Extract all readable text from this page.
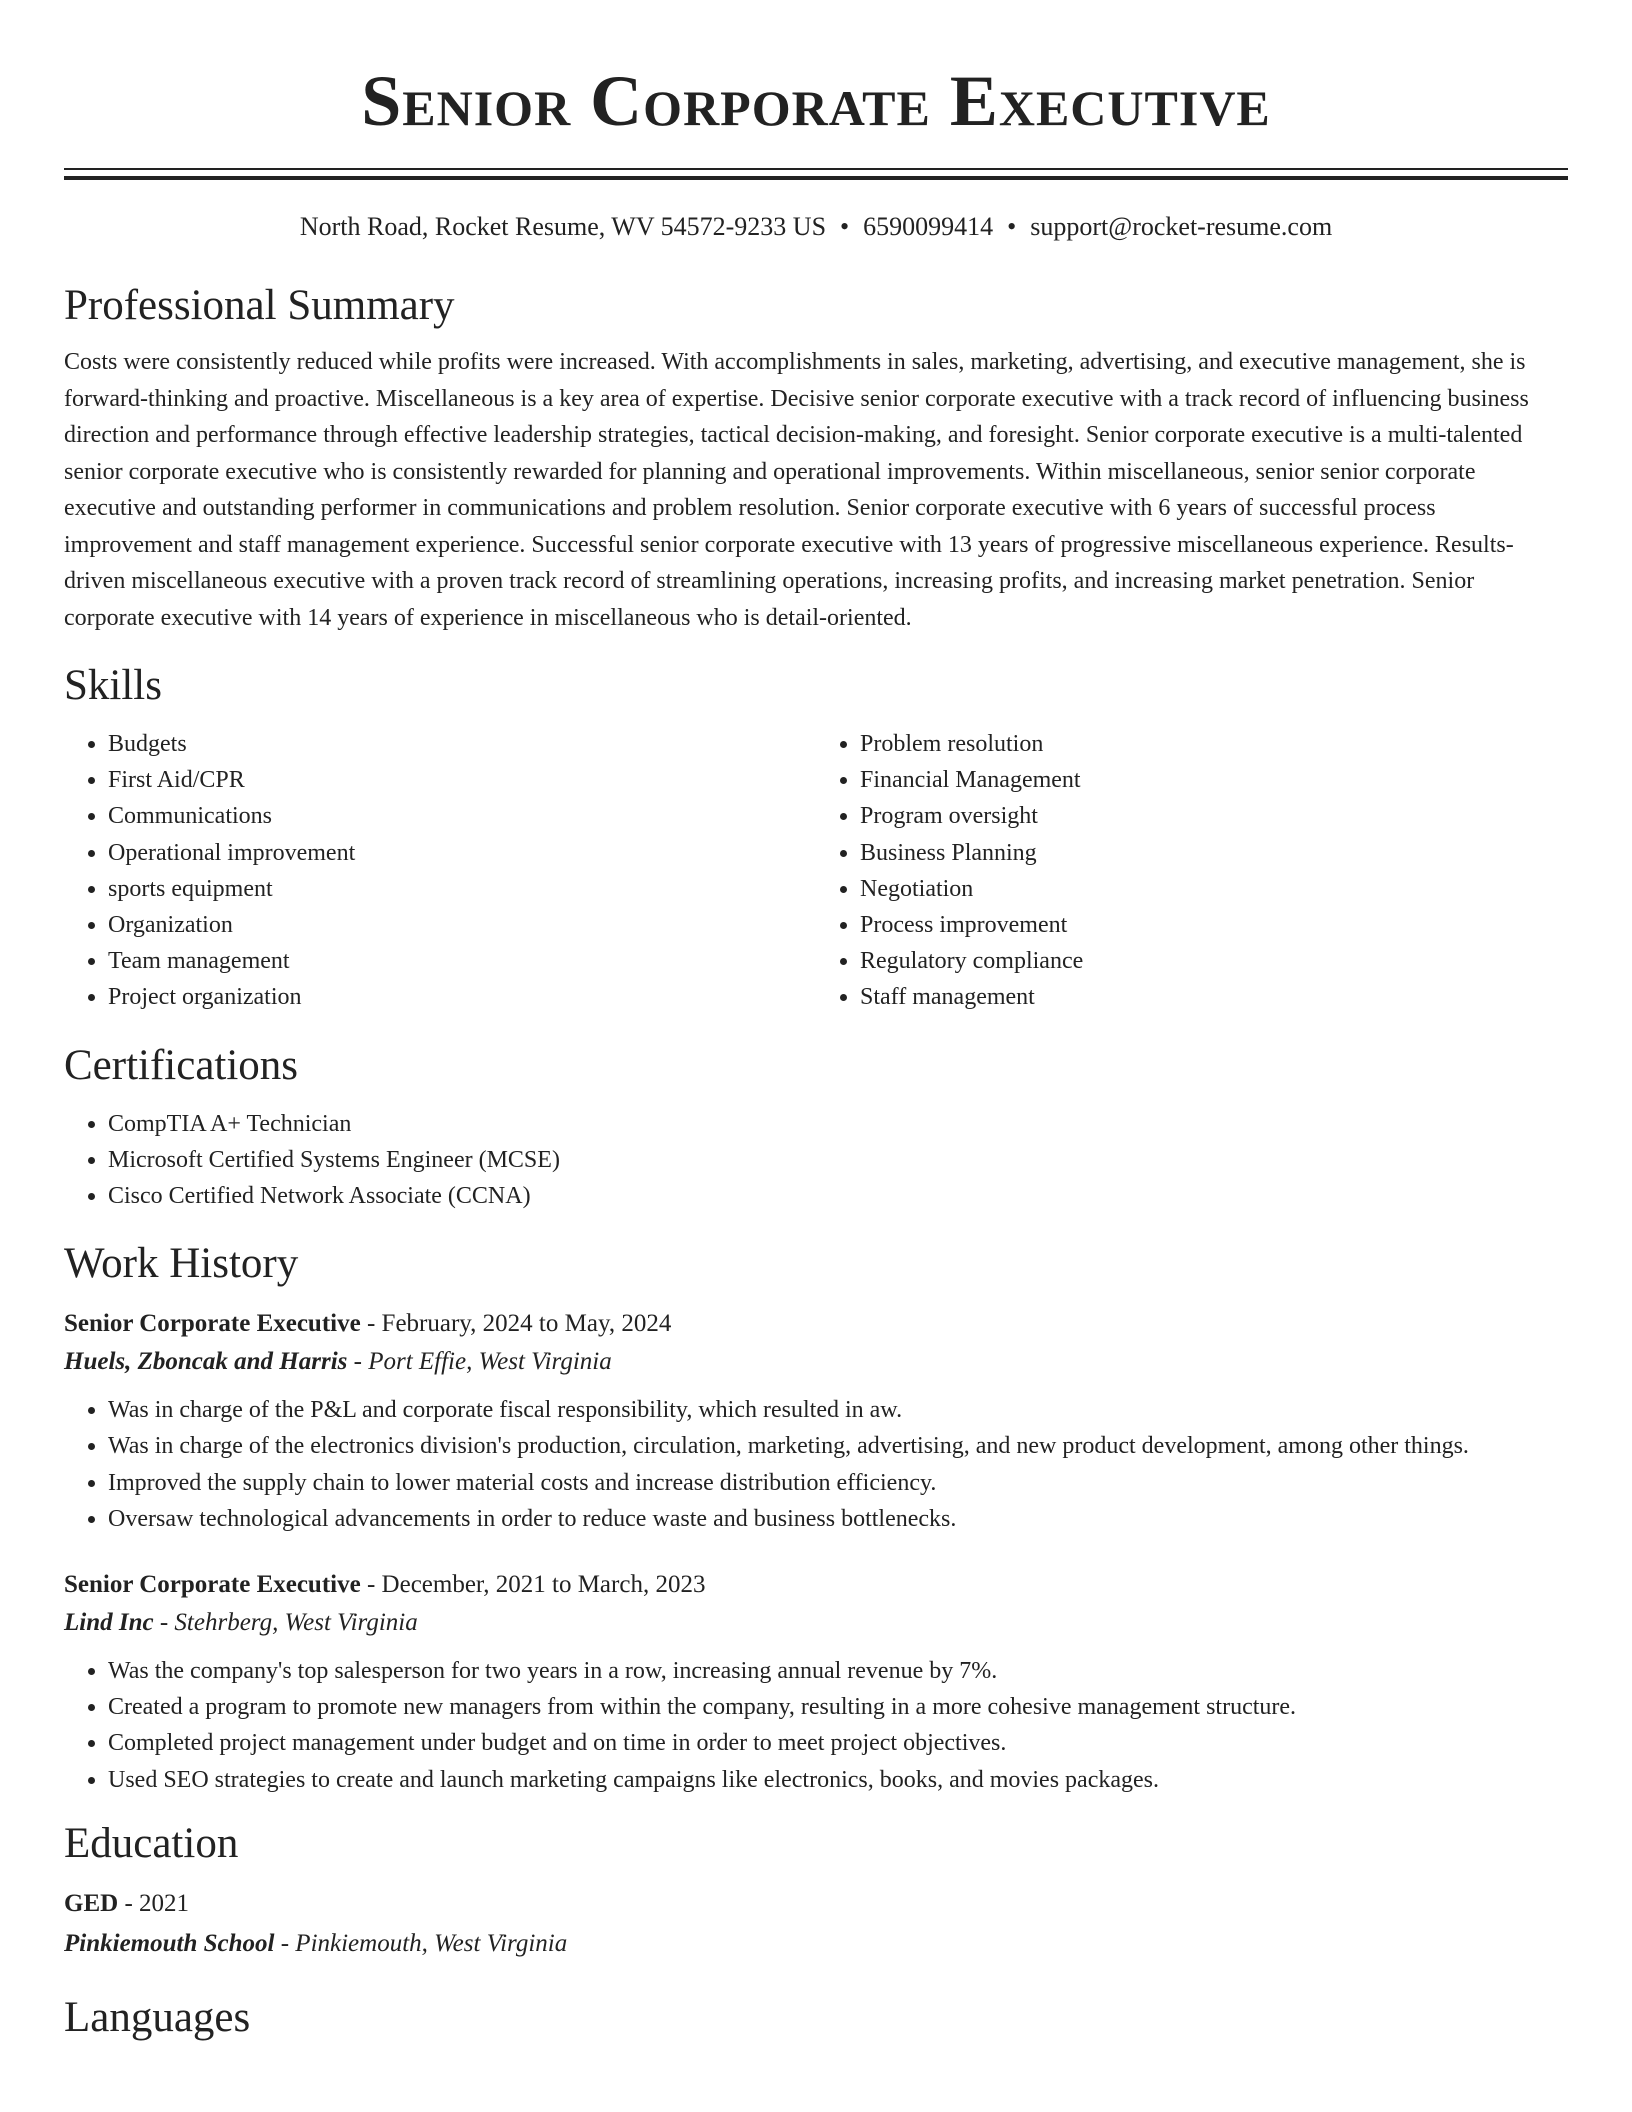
Senior Corporate Executive
North Road, Rocket Resume, WV 54572-9233 US • 6590099414 • support@rocket-resume.com
Professional Summary

Costs were consistently reduced while profits were increased. With accomplishments in sales, marketing, advertising, and executive management, she is forward-thinking and proactive. Miscellaneous is a key area of expertise. Decisive senior corporate executive with a track record of influencing business direction and performance through effective leadership strategies, tactical decision-making, and foresight. Senior corporate executive is a multi-talented senior corporate executive who is consistently rewarded for planning and operational improvements. Within miscellaneous, senior senior corporate executive and outstanding performer in communications and problem resolution. Senior corporate executive with 6 years of successful process improvement and staff management experience. Successful senior corporate executive with 13 years of progressive miscellaneous experience. Results-driven miscellaneous executive with a proven track record of streamlining operations, increasing profits, and increasing market penetration. Senior corporate executive with 14 years of experience in miscellaneous who is detail-oriented.

Skills
• Budgets
• First Aid/CPR
• Communications
• Operational improvement
• sports equipment
• Organization
• Team management
• Project organization
• Problem resolution
• Financial Management
• Program oversight
• Business Planning
• Negotiation
• Process improvement
• Regulatory compliance
• Staff management
Certifications
• CompTIA A+ Technician
• Microsoft Certified Systems Engineer (MCSE)
• Cisco Certified Network Associate (CCNA)
Work History
Senior Corporate Executive - February, 2024 to May, 2024
Huels, Zboncak and Harris - Port Effie, West Virginia
• Was in charge of the P&L and corporate fiscal responsibility, which resulted in aw.
• Was in charge of the electronics division's production, circulation, marketing, advertising, and new product development, among other things.
• Improved the supply chain to lower material costs and increase distribution efficiency.
• Oversaw technological advancements in order to reduce waste and business bottlenecks.
Senior Corporate Executive - December, 2021 to March, 2023
Lind Inc - Stehrberg, West Virginia
• Was the company's top salesperson for two years in a row, increasing annual revenue by 7%.
• Created a program to promote new managers from within the company, resulting in a more cohesive management structure.
• Completed project management under budget and on time in order to meet project objectives.
• Used SEO strategies to create and launch marketing campaigns like electronics, books, and movies packages.
Education
GED - 2021
Pinkiemouth School - Pinkiemouth, West Virginia
Languages
